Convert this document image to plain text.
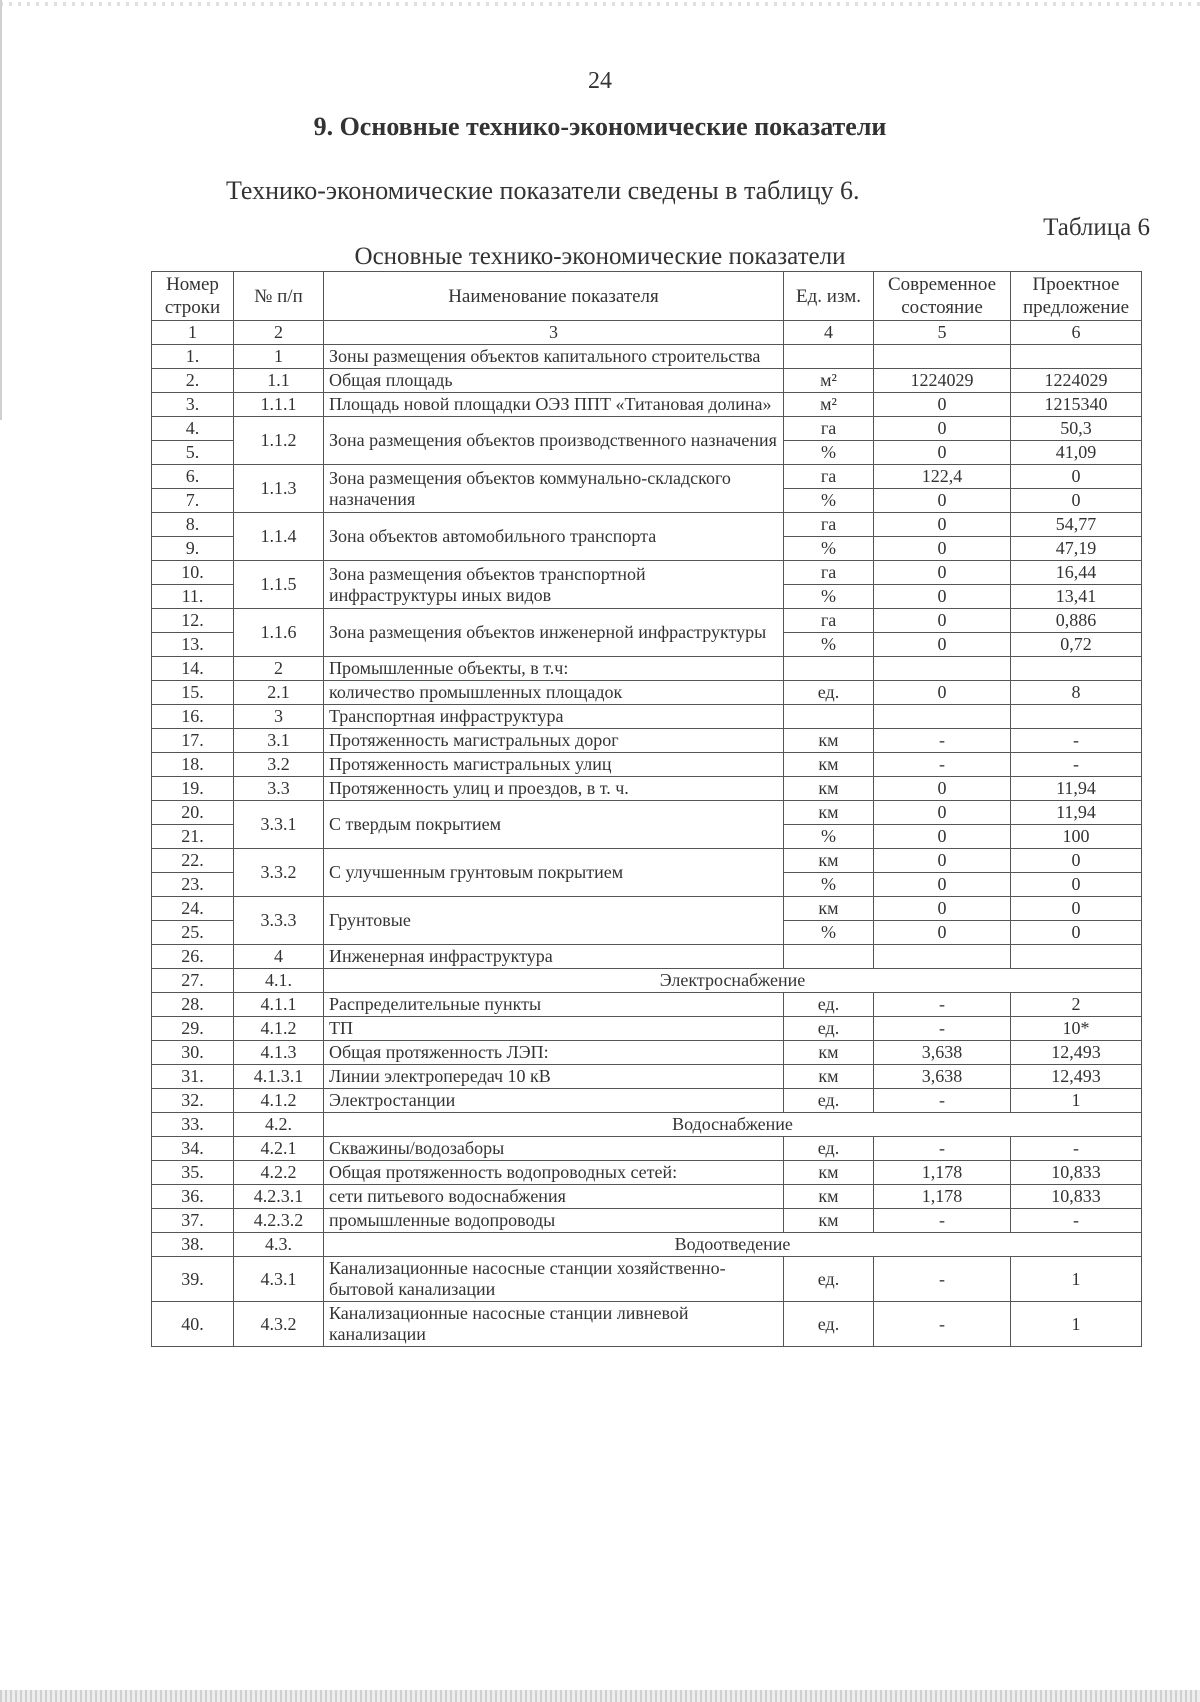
24
9. Основные технико-экономические показатели
Технико-экономические показатели сведены в таблицу 6.
Таблица 6
Основные технико-экономические показатели
Номер строки	№ п/п	Наименование показателя	Ед. изм.	Современное состояние	Проектное предложение
1	2	3	4	5	6
1.	1	Зоны размещения объектов капитального строительства			
2.	1.1	Общая площадь	м²	1224029	1224029
3.	1.1.1	Площадь новой площадки ОЭЗ ППТ «Титановая долина»	м²	0	1215340
4.	1.1.2	Зона размещения объектов производственного назначения	га	0	50,3
5.			%	0	41,09
6.	1.1.3	Зона размещения объектов коммунально-складского назначения	га	122,4	0
7.			%	0	0
8.	1.1.4	Зона объектов автомобильного транспорта	га	0	54,77
9.			%	0	47,19
10.	1.1.5	Зона размещения объектов транспортной инфраструктуры иных видов	га	0	16,44
11.			%	0	13,41
12.	1.1.6	Зона размещения объектов инженерной инфраструктуры	га	0	0,886
13.			%	0	0,72
14.	2	Промышленные объекты, в т.ч:			
15.	2.1	количество промышленных площадок	ед.	0	8
16.	3	Транспортная инфраструктура			
17.	3.1	Протяженность магистральных дорог	км	-	-
18.	3.2	Протяженность магистральных улиц	км	-	-
19.	3.3	Протяженность улиц и проездов, в т. ч.	км	0	11,94
20.	3.3.1	С твердым покрытием	км	0	11,94
21.			%	0	100
22.	3.3.2	С улучшенным грунтовым покрытием	км	0	0
23.			%	0	0
24.	3.3.3	Грунтовые	км	0	0
25.			%	0	0
26.	4	Инженерная инфраструктура			
27.	4.1.	Электроснабжение			
28.	4.1.1	Распределительные пункты	ед.	-	2
29.	4.1.2	ТП	ед.	-	10*
30.	4.1.3	Общая протяженность ЛЭП:	км	3,638	12,493
31.	4.1.3.1	Линии электропередач 10 кВ	км	3,638	12,493
32.	4.1.2	Электростанции	ед.	-	1
33.	4.2.	Водоснабжение			
34.	4.2.1	Скважины/водозаборы	ед.	-	-
35.	4.2.2	Общая протяженность водопроводных сетей:	км	1,178	10,833
36.	4.2.3.1	сети питьевого водоснабжения	км	1,178	10,833
37.	4.2.3.2	промышленные водопроводы	км	-	-
38.	4.3.	Водоотведение			
39.	4.3.1	Канализационные насосные станции хозяйственно-бытовой канализации	ед.	-	1
40.	4.3.2	Канализационные насосные станции ливневой канализации	ед.	-	1
